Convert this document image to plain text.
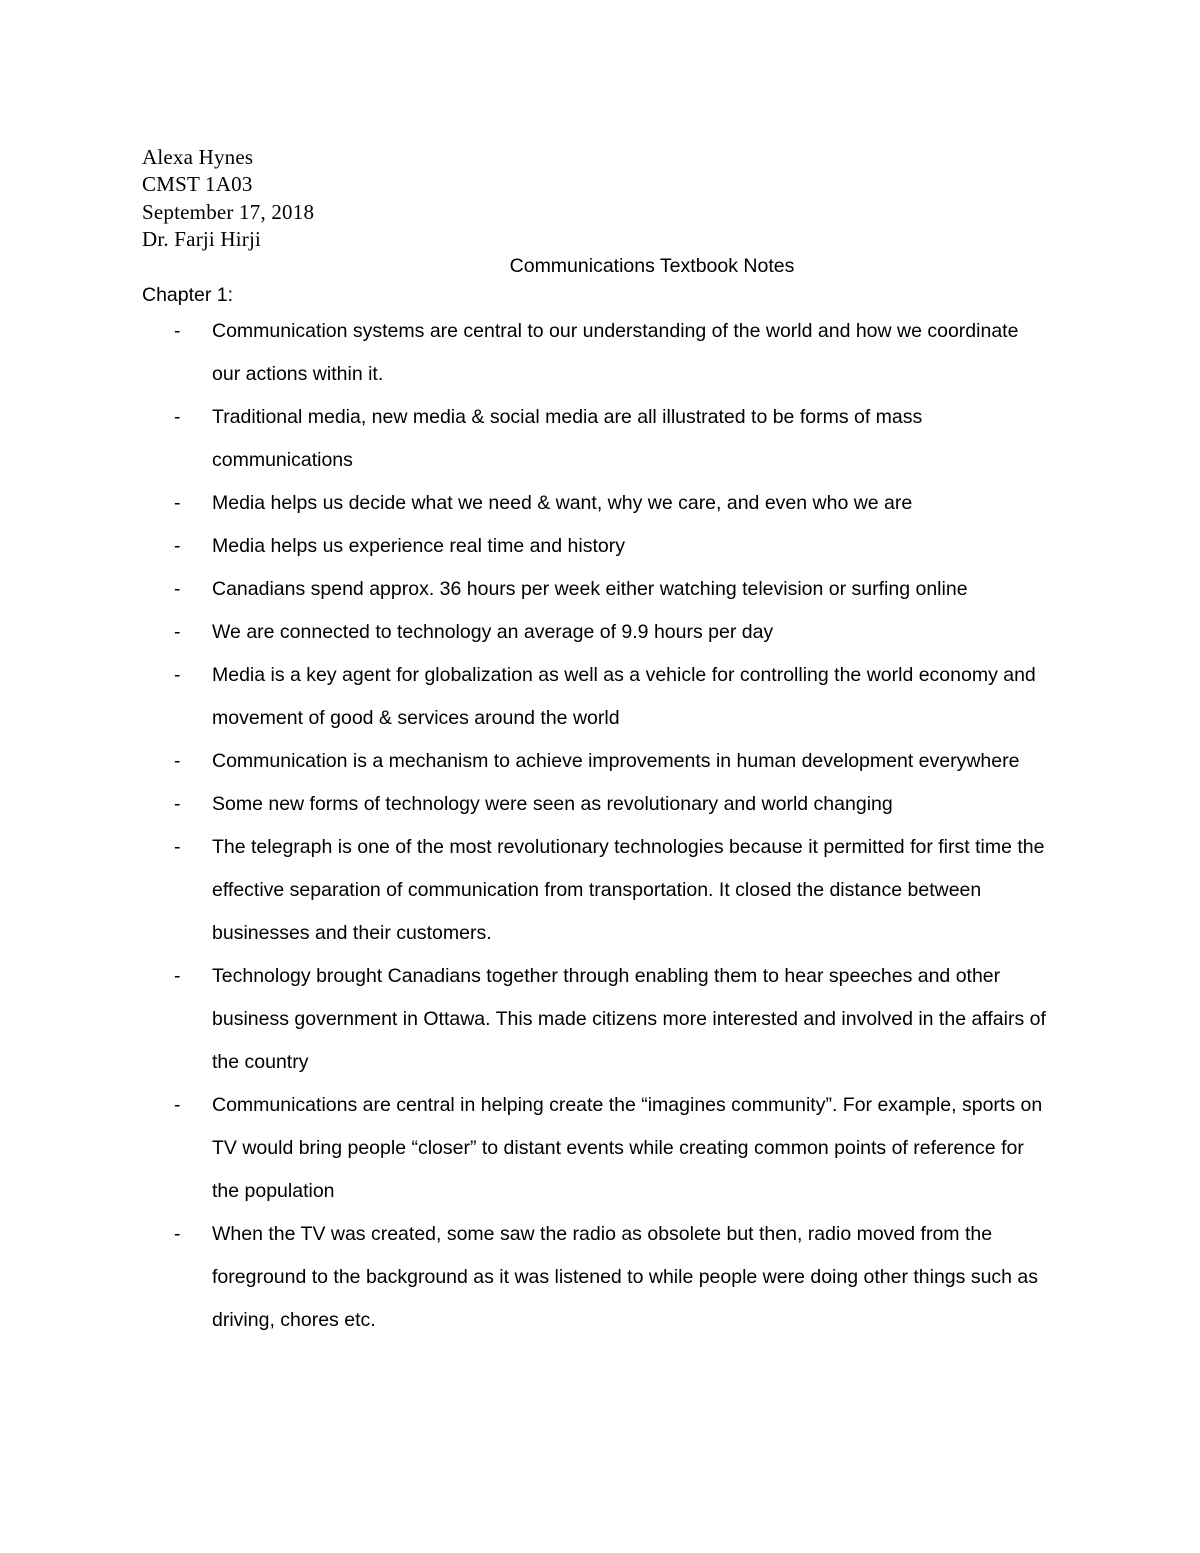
Alexa Hynes
CMST 1A03
September 17, 2018
Dr. Farji Hirji
Communications Textbook Notes
Chapter 1:
- Communication systems are central to our understanding of the world and how we coordinate our actions within it.
- Traditional media, new media & social media are all illustrated to be forms of mass communications
- Media helps us decide what we need & want, why we care, and even who we are
- Media helps us experience real time and history
- Canadians spend approx. 36 hours per week either watching television or surfing online
- We are connected to technology an average of 9.9 hours per day
- Media is a key agent for globalization as well as a vehicle for controlling the world economy and movement of good & services around the world
- Communication is a mechanism to achieve improvements in human development everywhere
- Some new forms of technology were seen as revolutionary and world changing
- The telegraph is one of the most revolutionary technologies because it permitted for first time the effective separation of communication from transportation. It closed the distance between businesses and their customers.
- Technology brought Canadians together through enabling them to hear speeches and other business government in Ottawa. This made citizens more interested and involved in the affairs of the country
- Communications are central in helping create the “imagines community”. For example, sports on TV would bring people “closer” to distant events while creating common points of reference for the population
- When the TV was created, some saw the radio as obsolete but then, radio moved from the foreground to the background as it was listened to while people were doing other things such as driving, chores etc.
